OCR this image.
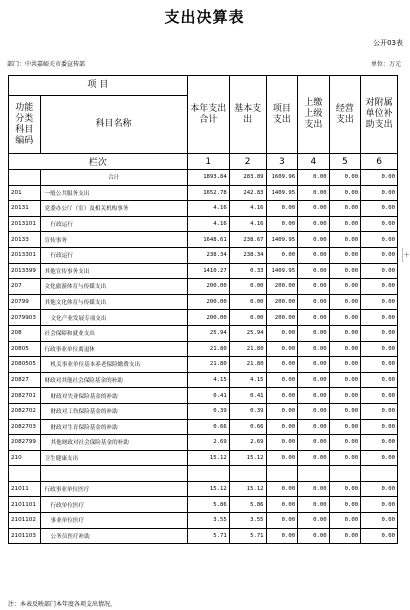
支出决算表
公开03表
部门：中共嘉峪关市委宣传部	单位：万元
+
项 目		本年支出合计	基本支出	项目支出	上缴上级支出	经营支出	对附属单位补助支出
功能分类科目编码	科目名称						
栏次		1	2	3	4	5	6
	合计	1893.84	283.89	1609.96	0.00	0.00	0.00
201	一般公共服务支出	1652.78	242.83	1409.95	0.00	0.00	0.00
20131	党委办公厅（室）及相关机构事务	4.16	4.16	0.00	0.00	0.00	0.00
2013101	行政运行	4.16	4.16	0.00	0.00	0.00	0.00
20133	宣传事务	1648.61	238.67	1409.95	0.00	0.00	0.00
2013301	行政运行	238.34	238.34	0.00	0.00	0.00	0.00
2013399	其他宣传事务支出	1410.27	0.33	1409.95	0.00	0.00	0.00
207	文化旅游体育与传媒支出	200.00	0.00	200.00	0.00	0.00	0.00
20799	其他文化体育与传媒支出	200.00	0.00	200.00	0.00	0.00	0.00
2079903	文化产业发展专项支出	200.00	0.00	200.00	0.00	0.00	0.00
208	社会保障和就业支出	25.94	25.94	0.00	0.00	0.00	0.00
20805	行政事业单位离退休	21.80	21.80	0.00	0.00	0.00	0.00
2080505	机关事业单位基本养老保险缴费支出	21.80	21.80	0.00	0.00	0.00	0.00
20827	财政对其他社会保险基金的补助	4.15	4.15	0.00	0.00	0.00	0.00
2082701	财政对失业保险基金的补助	0.41	0.41	0.00	0.00	0.00	0.00
2082702	财政对工伤保险基金的补助	0.39	0.39	0.00	0.00	0.00	0.00
2082703	财政对生育保险基金的补助	0.66	0.66	0.00	0.00	0.00	0.00
2082799	其他财政对社会保险基金的补助	2.69	2.69	0.00	0.00	0.00	0.00
210	卫生健康支出	15.12	15.12	0.00	0.00	0.00	0.00

21011	行政事业单位医疗	15.12	15.12	0.00	0.00	0.00	0.00
2101101	行政单位医疗	5.86	5.86	0.00	0.00	0.00	0.00
2101102	事业单位医疗	3.55	3.55	0.00	0.00	0.00	0.00
2101103	公务员医疗补助	5.71	5.71	0.00	0.00	0.00	0.00
注：本表反映部门本年度各项支出情况。
